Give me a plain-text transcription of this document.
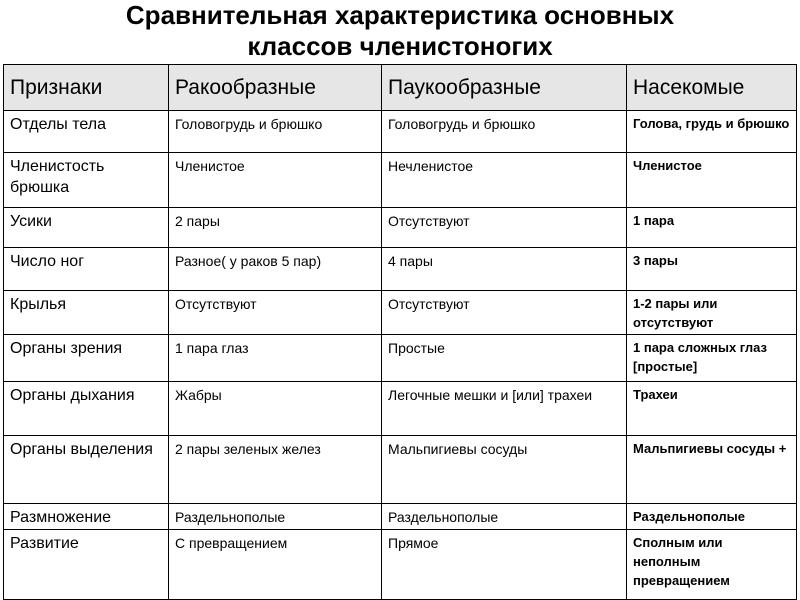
Сравнительная характеристика основных
классов членистоногих
Признаки	Ракообразные	Паукообразные	Насекомые
Отделы тела	Головогрудь и брюшко	Головогрудь и брюшко	Голова, грудь и брюшко
Членистость брюшка	Членистое	Нечленистое	Членистое
Усики	2 пары	Отсутствуют	1 пара
Число ног	Разное( у раков 5 пар)	4 пары	3 пары
Крылья	Отсутствуют	Отсутствуют	1-2 пары или отсутствуют
Органы зрения	1 пара глаз	Простые	1 пара сложных глаз [простые]
Органы дыхания	Жабры	Легочные мешки и [или] трахеи	Трахеи
Органы выделения	2 пары зеленых желез	Мальпигиевы сосуды	Мальпигиевы сосуды +
Размножение	Раздельнополые	Раздельнополые	Раздельнополые
Развитие	С превращением	Прямое	Сполным или неполным превращением
